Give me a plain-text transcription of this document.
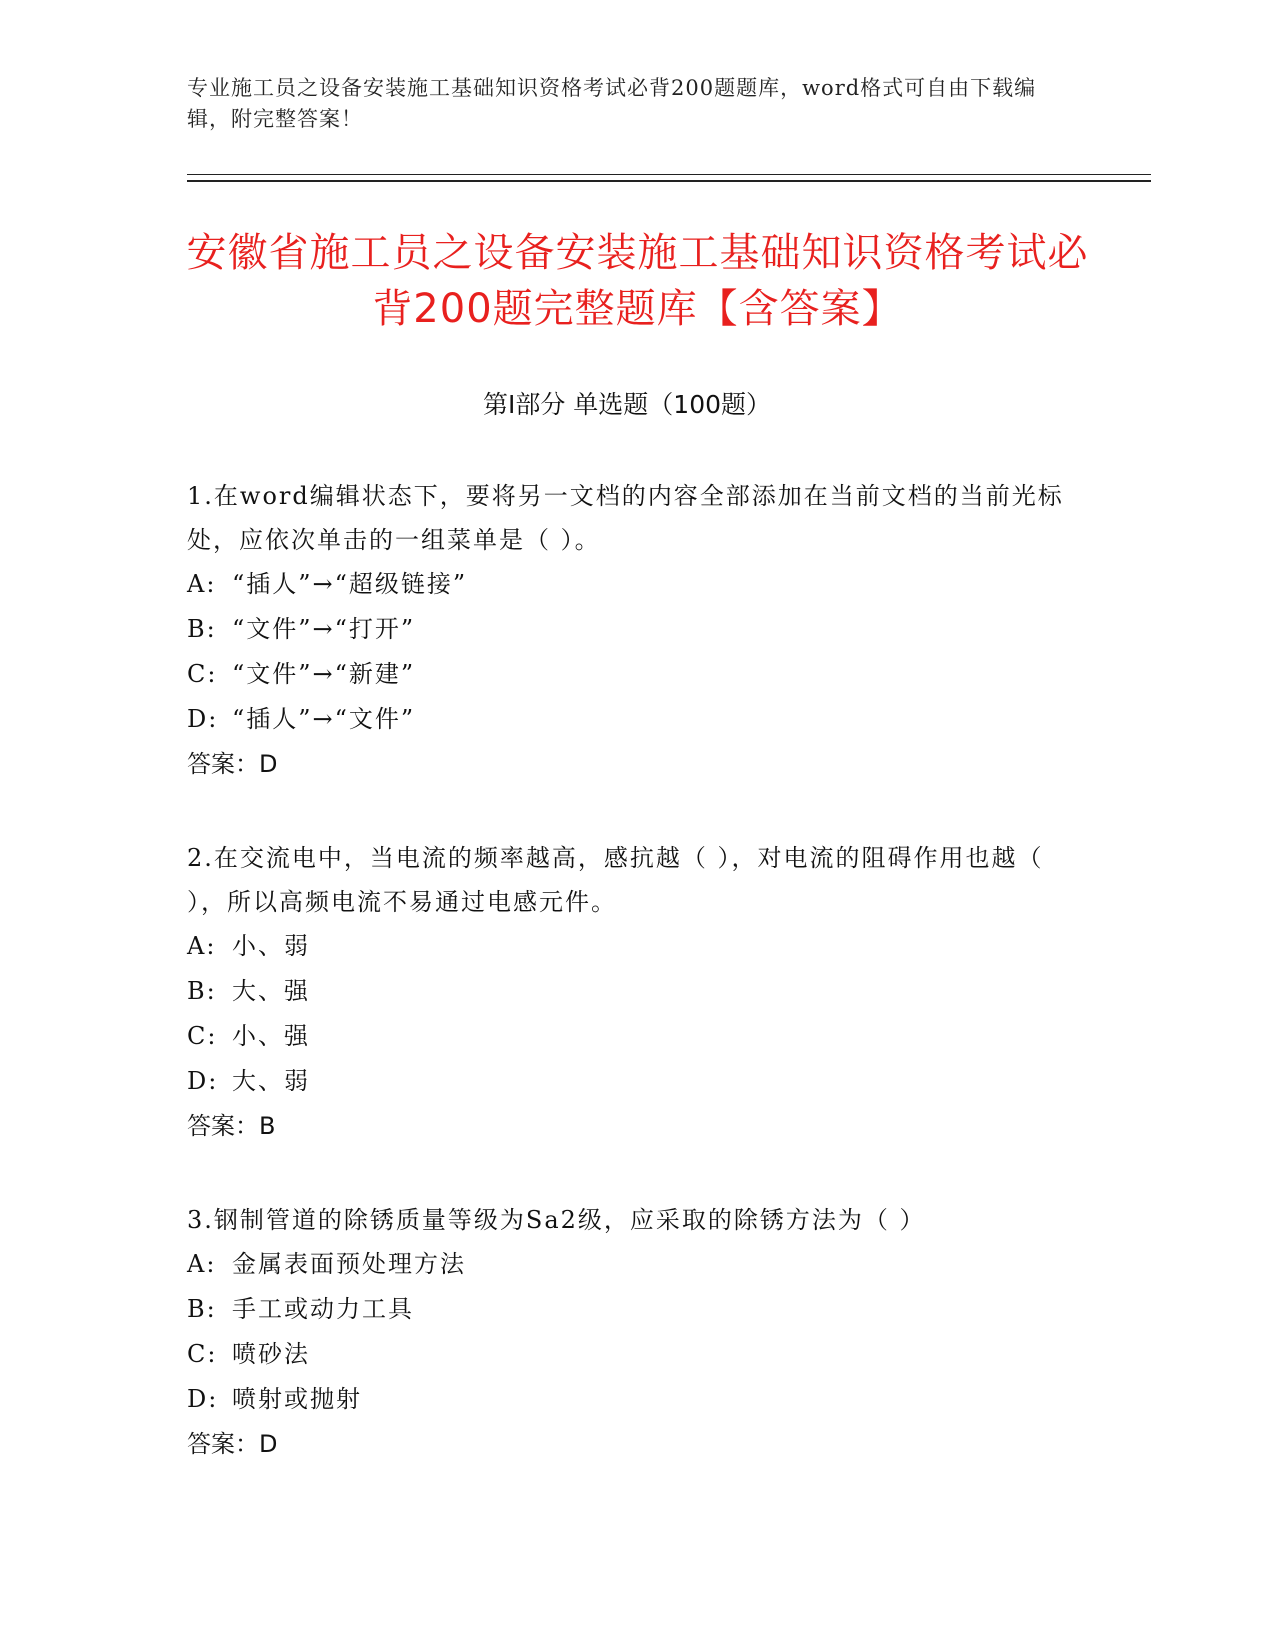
专业施工员之设备安装施工基础知识资格考试必背200题题库，word格式可自由下载编辑，附完整答案！
安徽省施工员之设备安装施工基础知识资格考试必背200题完整题库【含答案】
第I部分 单选题（100题）

1.在word编辑状态下，要将另一文档的内容全部添加在当前文档的当前光标处，应依次单击的一组菜单是（ ）。

A: “插人”→“超级链接”

B: “文件”→“打开”

C: “文件”→“新建”

D: “插人”→“文件”

答案：D

2.在交流电中，当电流的频率越高，感抗越（ ），对电流的阻碍作用也越（ ），所以高频电流不易通过电感元件。

A: 小、弱

B: 大、强

C: 小、强

D: 大、弱

答案：B

3.钢制管道的除锈质量等级为Sa2级，应采取的除锈方法为（ ）

A: 金属表面预处理方法

B: 手工或动力工具

C: 喷砂法

D: 喷射或抛射

答案：D
